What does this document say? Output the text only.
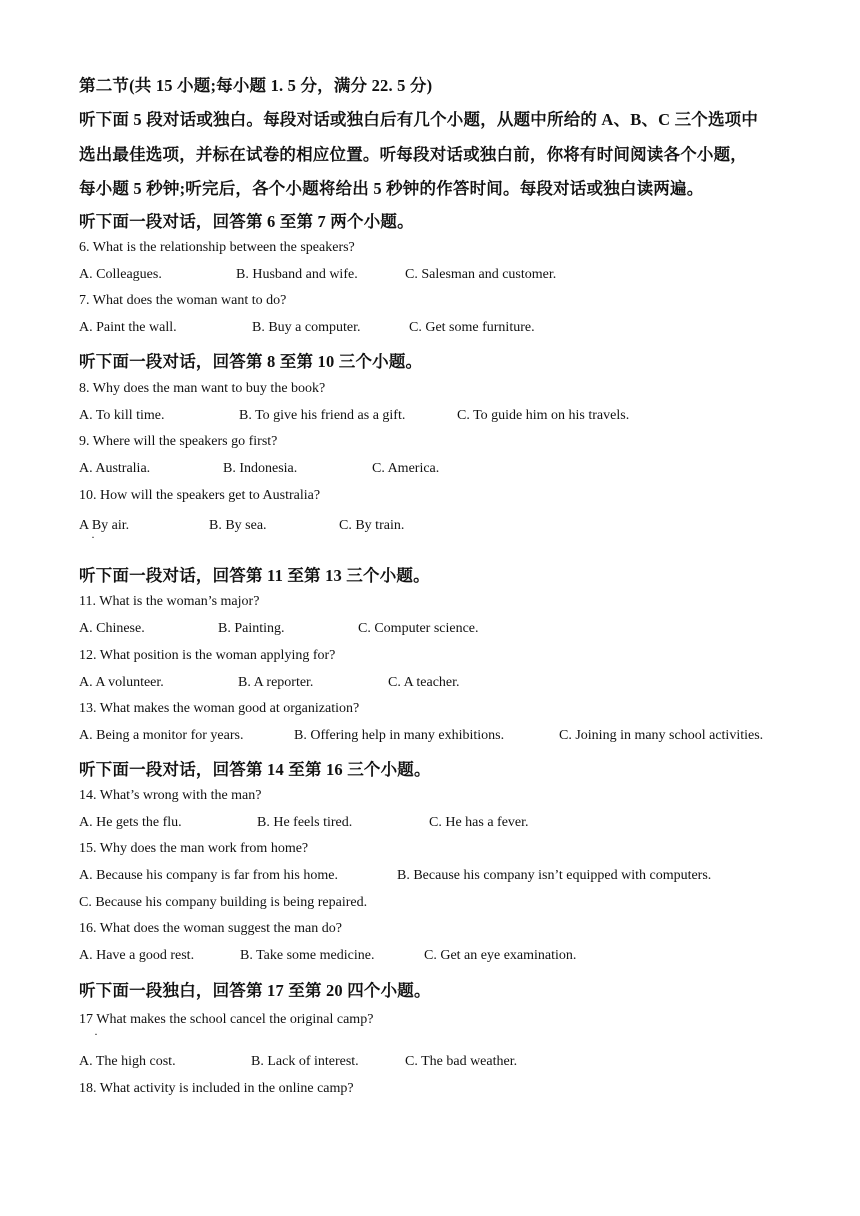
第二节(共 15 小题;每小题 1. 5 分，满分 22. 5 分)
听下面 5 段对话或独白。每段对话或独白后有几个小题，从题中所给的 A、B、C 三个选项中
选出最佳选项，并标在试卷的相应位置。听每段对话或独白前，你将有时间阅读各个小题，
每小题 5 秒钟;听完后，各个小题将给出 5 秒钟的作答时间。每段对话或独白读两遍。
听下面一段对话，回答第 6 至第 7 两个小题。
6. What is the relationship between the speakers?
A. Colleagues.	B. Husband and wife.	C. Salesman and customer.
7. What does the woman want to do?
A. Paint the wall.	B. Buy a computer.	C. Get some furniture.
听下面一段对话，回答第 8 至第 10 三个小题。
8. Why does the man want to buy the book?
A. To kill time.	B. To give his friend as a gift.	C. To guide him on his travels.
9. Where will the speakers go first?
A. Australia.	B. Indonesia.	C. America.
10. How will the speakers get to Australia?
A By air.
·
B. By sea.	C. By train.
听下面一段对话，回答第 11 至第 13 三个小题。
11. What is the woman’s major?
A. Chinese.	B. Painting.	C. Computer science.
12. What position is the woman applying for?
A. A volunteer.	B. A reporter.	C. A teacher.
13. What makes the woman good at organization?
A. Being a monitor for years.	B. Offering help in many exhibitions.	C. Joining in many school activities.
听下面一段对话，回答第 14 至第 16 三个小题。
14. What’s wrong with the man?
A. He gets the flu.	B. He feels tired.	C. He has a fever.
15. Why does the man work from home?
A. Because his company is far from his home.	B. Because his company isn’t equipped with computers.
C. Because his company building is being repaired.
16. What does the woman suggest the man do?
A. Have a good rest.	B. Take some medicine.	C. Get an eye examination.
听下面一段独白，回答第 17 至第 20 四个小题。
17 What makes the school cancel the original camp?
·
A. The high cost.	B. Lack of interest.	C. The bad weather.
18. What activity is included in the online camp?
